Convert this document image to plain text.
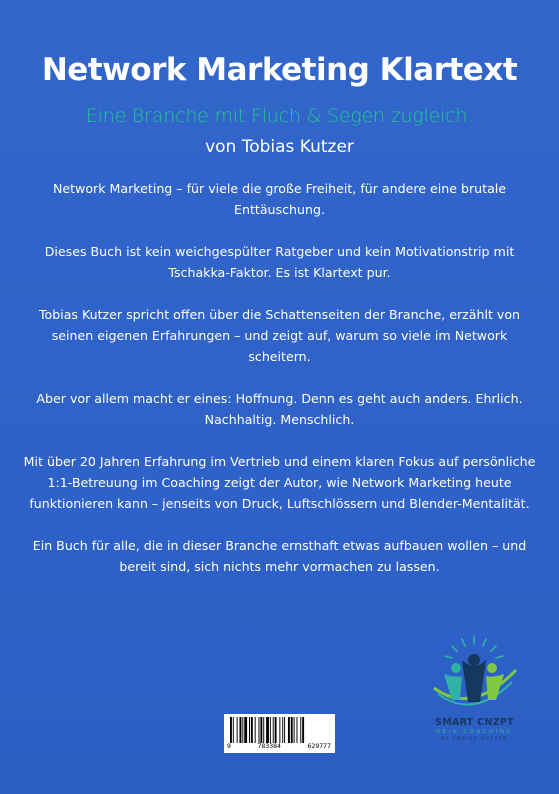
Network Marketing Klartext
Eine Branche mit Fluch & Segen zugleich.
von Tobias Kutzer

Network Marketing – für viele die große Freiheit, für andere eine brutale Enttäuschung.

Dieses Buch ist kein weichgespülter Ratgeber und kein Motivationstrip mit Tschakka-Faktor. Es ist Klartext pur.

Tobias Kutzer spricht offen über die Schattenseiten der Branche, erzählt von seinen eigenen Erfahrungen – und zeigt auf, warum so viele im Network scheitern.

Aber vor allem macht er eines: Hoffnung. Denn es geht auch anders. Ehrlich. Nachhaltig. Menschlich.

Mit über 20 Jahren Erfahrung im Vertrieb und einem klaren Fokus auf persönliche 1:1-Betreuung im Coaching zeigt der Autor, wie Network Marketing heute funktionieren kann – jenseits von Druck, Luftschlössern und Blender-Mentalität.

Ein Buch für alle, die in dieser Branche ernsthaft etwas aufbauen wollen – und bereit sind, sich nichts mehr vormachen zu lassen.

9	783384	629777
SMART CNZPT
DEIN COACHING
BY TOBIAS KUTZER
